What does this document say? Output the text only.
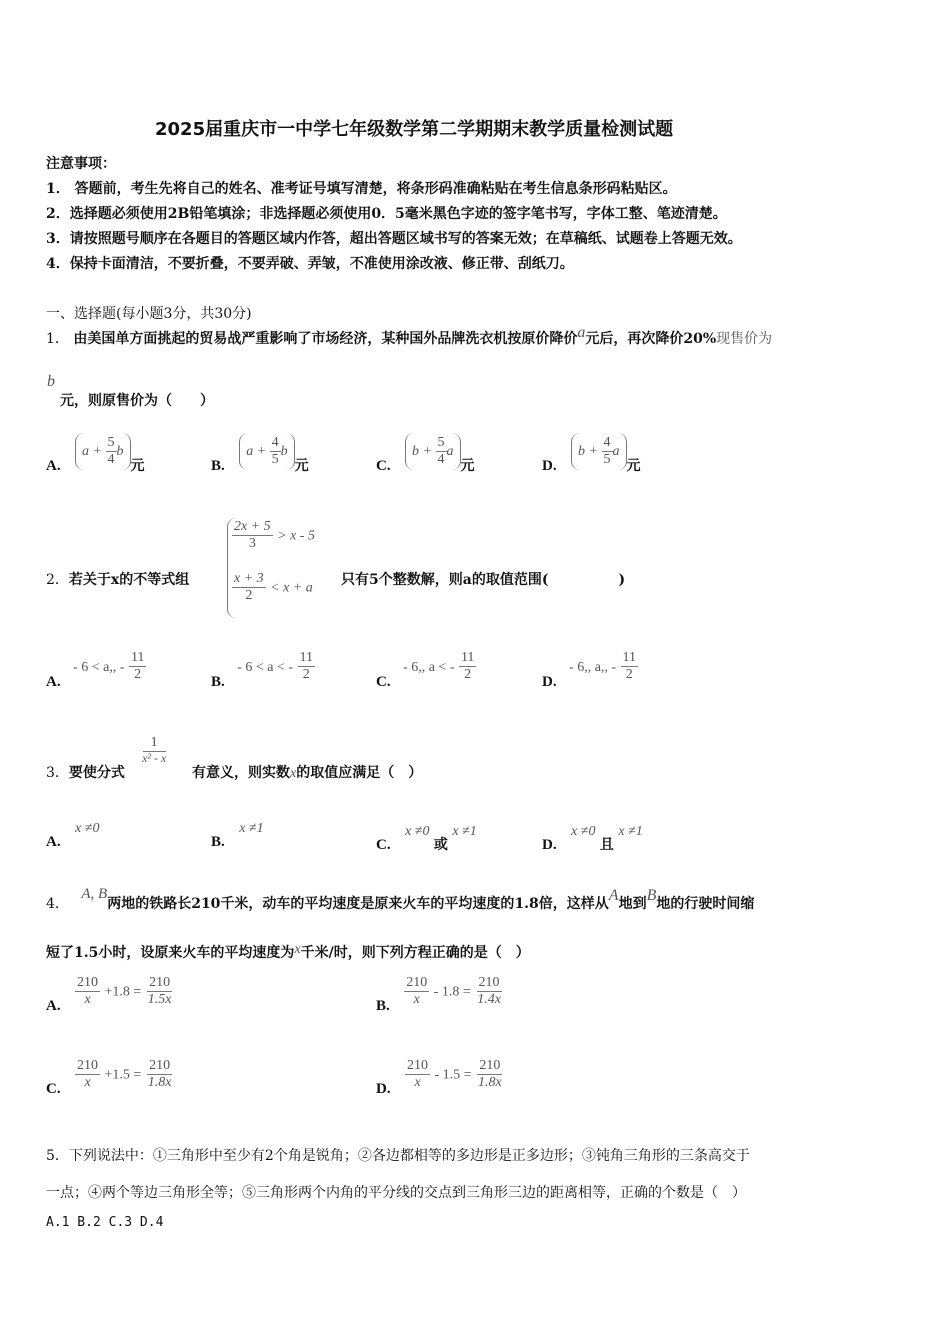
2025届重庆市一中学七年级数学第二学期期末教学质量检测试题
注意事项：
1． 答题前，考生先将自己的姓名、准考证号填写清楚，将条形码准确粘贴在考生信息条形码粘贴区。
2．选择题必须使用2B铅笔填涂；非选择题必须使用0．5毫米黑色字迹的签字笔书写，字体工整、笔迹清楚。
3．请按照题号顺序在各题目的答题区域内作答，超出答题区域书写的答案无效；在草稿纸、试题卷上答题无效。
4．保持卡面清洁，不要折叠，不要弄破、弄皱，不准使用涂改液、修正带、刮纸刀。
一、选择题(每小题3分，共30分)
1． 由美国单方面挑起的贸易战严重影响了市场经济，某种国外品牌洗衣机按原价降价a元后，再次降价20%现售价为
b
元，则原售价为（　　）
A.
a +
$\frac{5}{4}$ b
元	B.
a +
$\frac{4}{5}$ b
元	C.
b +
$\frac{5}{4}$ a
元	D.
b +
$\frac{4}{5}$ a
元
2．若关于x的不等式组
$\frac{2x + 5}{3} > x - 5$
$\frac{x + 3}{2} < x + a$
只有5个整数解，则a的取值范围(　　　　　)
A. - 6 < a,, - $\frac{11}{2}$	B. - 6 < a < - $\frac{11}{2}$	C. - 6,, a < - $\frac{11}{2}$	D. - 6,, a,, - $\frac{11}{2}$
3．要使分式
$\frac{1}{\text{x² - x}}$
有意义，则实数x的取值应满足（　）
A. x ≠0
B. x ≠1
C. x ≠0 或 x ≠1
D. x ≠0 且 x ≠1
4． A, B两地的铁路长210千米，动车的平均速度是原来火车的平均速度的1.8倍，这样从A地到B地的行驶时间缩
短了1.5小时，设原来火车的平均速度为x千米/时，则下列方程正确的是（　）
A. $\frac{210}{x} +1.8 = \frac{210}{1.5x}$	B. $\frac{210}{x} - 1.8 = \frac{210}{1.4x}$
C. $\frac{210}{x} +1.5 = \frac{210}{1.8x}$	D. $\frac{210}{x} - 1.5 = \frac{210}{1.8x}$
5．下列说法中：①三角形中至少有2个角是锐角；②各边都相等的多边形是正多边形；③钝角三角形的三条高交于
一点；④两个等边三角形全等；⑤三角形两个内角的平分线的交点到三角形三边的距离相等，正确的个数是（　）
A.1 B.2 C.3 D.4
